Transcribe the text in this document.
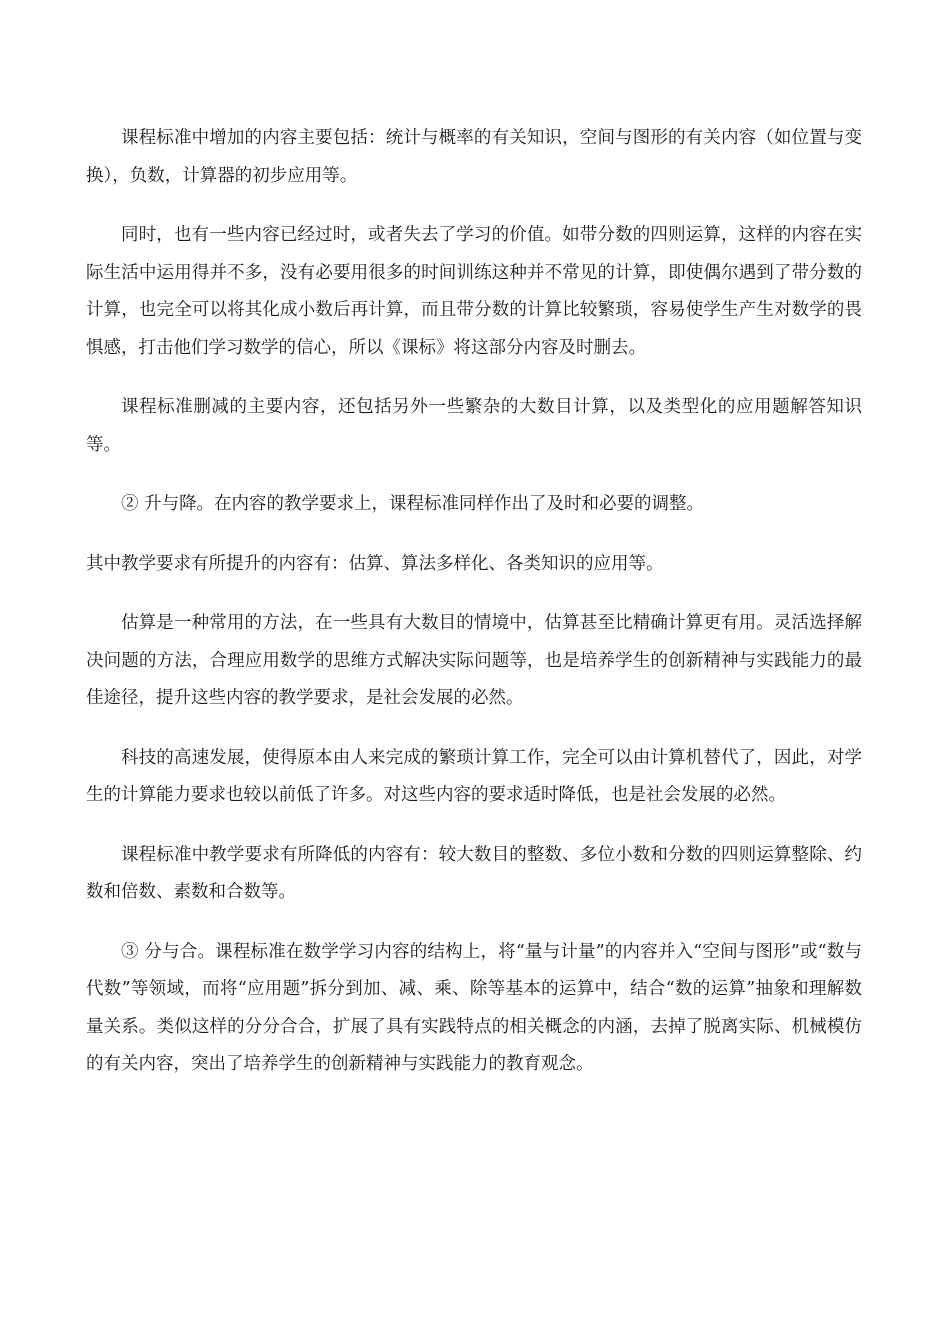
课程标准中增加的内容主要包括：统计与概率的有关知识，空间与图形的有关内容（如位置与变换），负数，计算器的初步应用等。

同时，也有一些内容已经过时，或者失去了学习的价值。如带分数的四则运算，这样的内容在实际生活中运用得并不多，没有必要用很多的时间训练这种并不常见的计算，即使偶尔遇到了带分数的计算，也完全可以将其化成小数后再计算，而且带分数的计算比较繁琐，容易使学生产生对数学的畏惧感，打击他们学习数学的信心，所以《课标》将这部分内容及时删去。

课程标准删减的主要内容，还包括另外一些繁杂的大数目计算，以及类型化的应用题解答知识等。

② 升与降。在内容的教学要求上，课程标准同样作出了及时和必要的调整。

其中教学要求有所提升的内容有：估算、算法多样化、各类知识的应用等。

估算是一种常用的方法，在一些具有大数目的情境中，估算甚至比精确计算更有用。灵活选择解决问题的方法，合理应用数学的思维方式解决实际问题等，也是培养学生的创新精神与实践能力的最佳途径，提升这些内容的教学要求，是社会发展的必然。

科技的高速发展，使得原本由人来完成的繁琐计算工作，完全可以由计算机替代了，因此，对学生的计算能力要求也较以前低了许多。对这些内容的要求适时降低，也是社会发展的必然。

课程标准中教学要求有所降低的内容有：较大数目的整数、多位小数和分数的四则运算整除、约数和倍数、素数和合数等。

③ 分与合。课程标准在数学学习内容的结构上，将“量与计量”的内容并入“空间与图形”或“数与代数”等领域，而将“应用题”拆分到加、减、乘、除等基本的运算中，结合“数的运算”抽象和理解数量关系。类似这样的分分合合，扩展了具有实践特点的相关概念的内涵，去掉了脱离实际、机械模仿的有关内容，突出了培养学生的创新精神与实践能力的教育观念。
